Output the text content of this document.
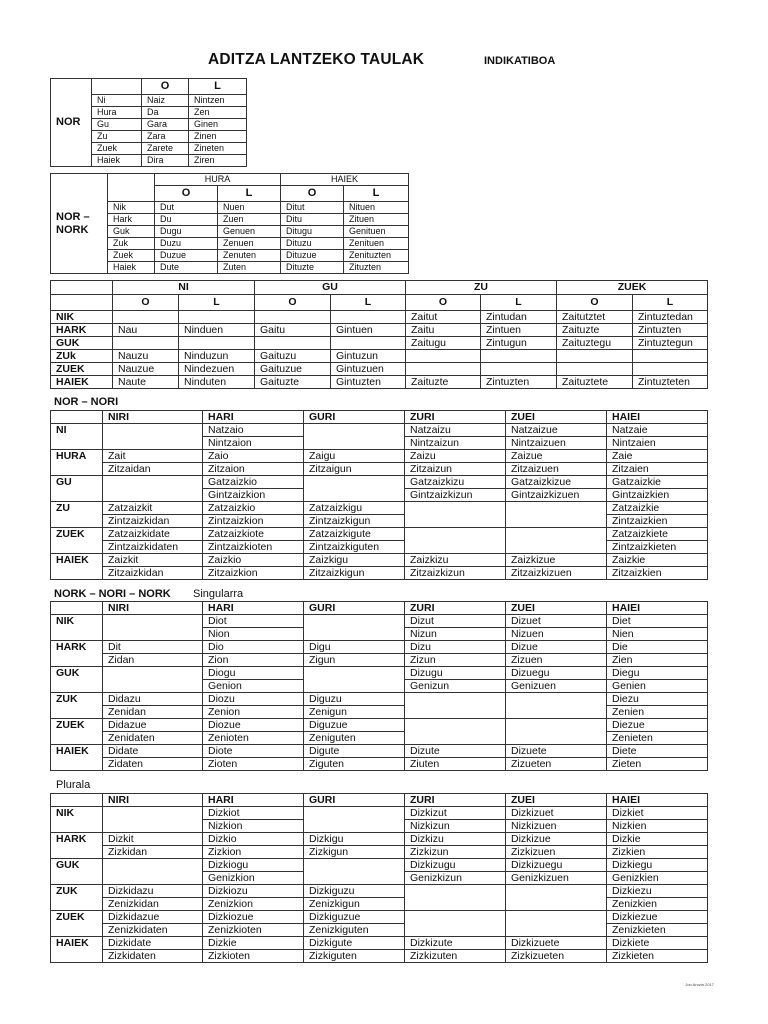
ADITZA LANTZEKO TAULAK	INDIKATIBOA
NOR		O	L
	Ni	Naiz	Nintzen
	Hura	Da	Zen
	Gu	Gara	Ginen
	Zu	Zara	Zinen
	Zuek	Zarete	Zineten
	Haiek	Dira	Ziren
NOR –
NORK		HURA		HAIEK	
		O	L	O	L
	Nik	Dut	Nuen	Ditut	Nituen
	Hark	Du	Zuen	Ditu	Zituen
	Guk	Dugu	Genuen	Ditugu	Genituen
	Zuk	Duzu	Zenuen	Dituzu	Zenituen
	Zuek	Duzue	Zenuten	Dituzue	Zenituzten
	Haiek	Dute	Zuten	Dituzte	Zituzten
	NI		GU		ZU		ZUEK	
	O	L	O	L	O	L	O	L
NIK					Zaitut	Zintudan	Zaitutztet	Zintuztedan
HARK	Nau	Ninduen	Gaitu	Gintuen	Zaitu	Zintuen	Zaituzte	Zintuzten
GUK					Zaitugu	Zintugun	Zaituztegu	Zintuztegun
ZUk	Nauzu	Ninduzun	Gaituzu	Gintuzun				
ZUEK	Nauzue	Nindezuen	Gaituzue	Gintuzuen				
HAIEK	Naute	Ninduten	Gaituzte	Gintuzten	Zaituzte	Zintuzten	Zaituztete	Zintuzteten
NOR – NORI
	NIRI	HARI	GURI	ZURI	ZUEI	HAIEI
NI		Natzaio		Natzaizu	Natzaizue	Natzaie
		Nintzaion		Nintzaizun	Nintzaizuen	Nintzaien
HURA	Zait	Zaio	Zaigu	Zaizu	Zaizue	Zaie
	Zitzaidan	Zitzaion	Zitzaigun	Zitzaizun	Zitzaizuen	Zitzaien
GU		Gatzaizkio		Gatzaizkizu	Gatzaizkizue	Gatzaizkie
		Gintzaizkion		Gintzaizkizun	Gintzaizkizuen	Gintzaizkien
ZU	Zatzaizkit	Zatzaizkio	Zatzaizkigu			Zatzaizkie
	Zintzaizkidan	Zintzaizkion	Zintzaizkigun			Zintzaizkien
ZUEK	Zatzaizkidate	Zatzaizkiote	Zatzaizkigute			Zatzaizkiete
	Zintzaizkidaten	Zintzaizkioten	Zintzaizkiguten			Zintzaizkieten
HAIEK	Zaizkit	Zaizkio	Zaizkigu	Zaizkizu	Zaizkizue	Zaizkie
	Zitzaizkidan	Zitzaizkion	Zitzaizkigun	Zitzaizkizun	Zitzaizkizuen	Zitzaizkien
NORK – NORI – NORK Singularra
	NIRI	HARI	GURI	ZURI	ZUEI	HAIEI
NIK		Diot		Dizut	Dizuet	Diet
		Nion		Nizun	Nizuen	Nien
HARK	Dit	Dio	Digu	Dizu	Dizue	Die
	Zidan	Zion	Zigun	Zizun	Zizuen	Zien
GUK		Diogu		Dizugu	Dizuegu	Diegu
		Genion		Genizun	Genizuen	Genien
ZUK	Didazu	Diozu	Diguzu			Diezu
	Zenidan	Zenion	Zenigun			Zenien
ZUEK	Didazue	Diozue	Diguzue			Diezue
	Zenidaten	Zenioten	Zeniguten			Zenieten
HAIEK	Didate	Diote	Digute	Dizute	Dizuete	Diete
	Zidaten	Zioten	Ziguten	Ziuten	Zizueten	Zieten
Plurala
	NIRI	HARI	GURI	ZURI	ZUEI	HAIEI
NIK		Dizkiot		Dizkizut	Dizkizuet	Dizkiet
		Nizkion		Nizkizun	Nizkizuen	Nizkien
HARK	Dizkit	Dizkio	Dizkigu	Dizkizu	Dizkizue	Dizkie
	Zizkidan	Zizkion	Zizkigun	Zizkizun	Zizkizuen	Zizkien
GUK		Dizkiogu		Dizkizugu	Dizkizuegu	Dizkiegu
		Genizkion		Genizkizun	Genizkizuen	Genizkien
ZUK	Dizkidazu	Dizkiozu	Dizkiguzu			Dizkiezu
	Zenizkidan	Zenizkion	Zenizkigun			Zenizkien
ZUEK	Dizkidazue	Dizkiozue	Dizkiguzue			Dizkiezue
	Zenizkidaten	Zenizkioten	Zenizkiguten			Zenizkieten
HAIEK	Dizkidate	Dizkie	Dizkigute	Dizkizute	Dizkizuete	Dizkiete
	Zizkidaten	Zizkioten	Zizkiguten	Zizkizuten	Zizkizueten	Zizkieten
Jon Arozin 2017
